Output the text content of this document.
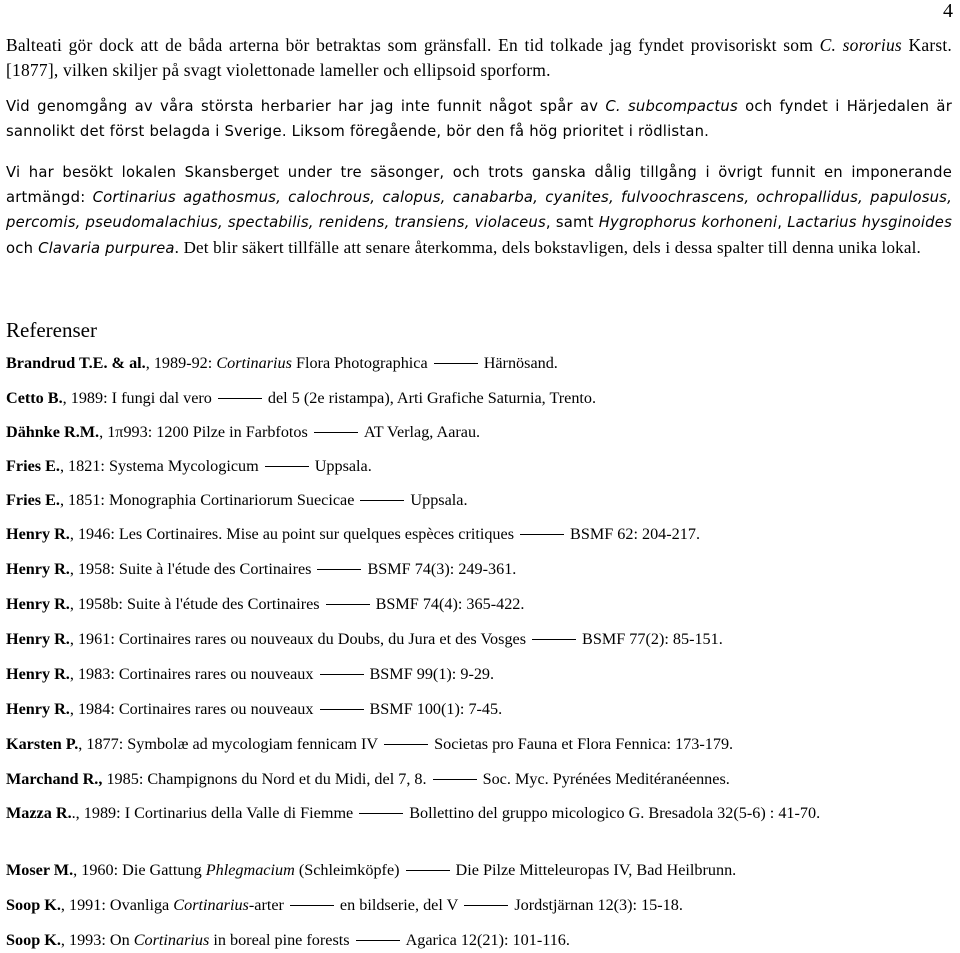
4

Balteati gör dock att de båda arterna bör betraktas som gränsfall. En tid tolkade jag fyndet provisoriskt som C. sororius Karst. [1877], vilken skiljer på svagt violettonade lameller och ellipsoid sporform.

Vid genomgång av våra största herbarier har jag inte funnit något spår av C. subcompactus och fyndet i Härjedalen är sannolikt det först belagda i Sverige. Liksom föregående, bör den få hög prioritet i rödlistan.

Vi har besökt lokalen Skansberget under tre säsonger, och trots ganska dålig tillgång i övrigt funnit en imponerande artmängd: Cortinarius agathosmus, calochrous, calopus, canabarba, cyanites, fulvoochrascens, ochropallidus, papulosus, percomis, pseudomalachius, spectabilis, renidens, transiens, violaceus, samt Hygrophorus korhoneni, Lactarius hysginoides och Clavaria purpurea. Det blir säkert tillfälle att senare återkomma, dels bokstavligen, dels i dessa spalter till denna unika lokal.

Referenser
Brandrud T.E. & al., 1989-92: Cortinarius Flora Photographica	Härnösand.
Cetto B., 1989: I fungi dal vero	del 5 (2e ristampa), Arti Grafiche Saturnia, Trento.
Dähnke R.M., 1π993: 1200 Pilze in Farbfotos	AT Verlag, Aarau.
Fries E., 1821: Systema Mycologicum	Uppsala.
Fries E., 1851: Monographia Cortinariorum Suecicae	Uppsala.
Henry R., 1946: Les Cortinaires. Mise au point sur quelques espèces critiques	BSMF 62: 204-217.
Henry R., 1958: Suite à l'étude des Cortinaires	BSMF 74(3): 249-361.
Henry R., 1958b: Suite à l'étude des Cortinaires	BSMF 74(4): 365-422.
Henry R., 1961: Cortinaires rares ou nouveaux du Doubs, du Jura et des Vosges	BSMF 77(2): 85-151.
Henry R., 1983: Cortinaires rares ou nouveaux	BSMF 99(1): 9-29.
Henry R., 1984: Cortinaires rares ou nouveaux	BSMF 100(1): 7-45.
Karsten P., 1877: Symbolæ ad mycologiam fennicam IV	Societas pro Fauna et Flora Fennica: 173-179.
Marchand R., 1985: Champignons du Nord et du Midi, del 7, 8.	Soc. Myc. Pyrénées Meditéranéennes.
Mazza R.., 1989: I Cortinarius della Valle di Fiemme	Bollettino del gruppo micologico G. Bresadola 32(5-6) : 41-70.
Moser M., 1960: Die Gattung Phlegmacium (Schleimköpfe)	Die Pilze Mitteleuropas IV, Bad Heilbrunn.
Soop K., 1991: Ovanliga Cortinarius-arter	en bildserie, del V	Jordstjärnan 12(3): 15-18.
Soop K., 1993: On Cortinarius in boreal pine forests	Agarica 12(21): 101-116.
